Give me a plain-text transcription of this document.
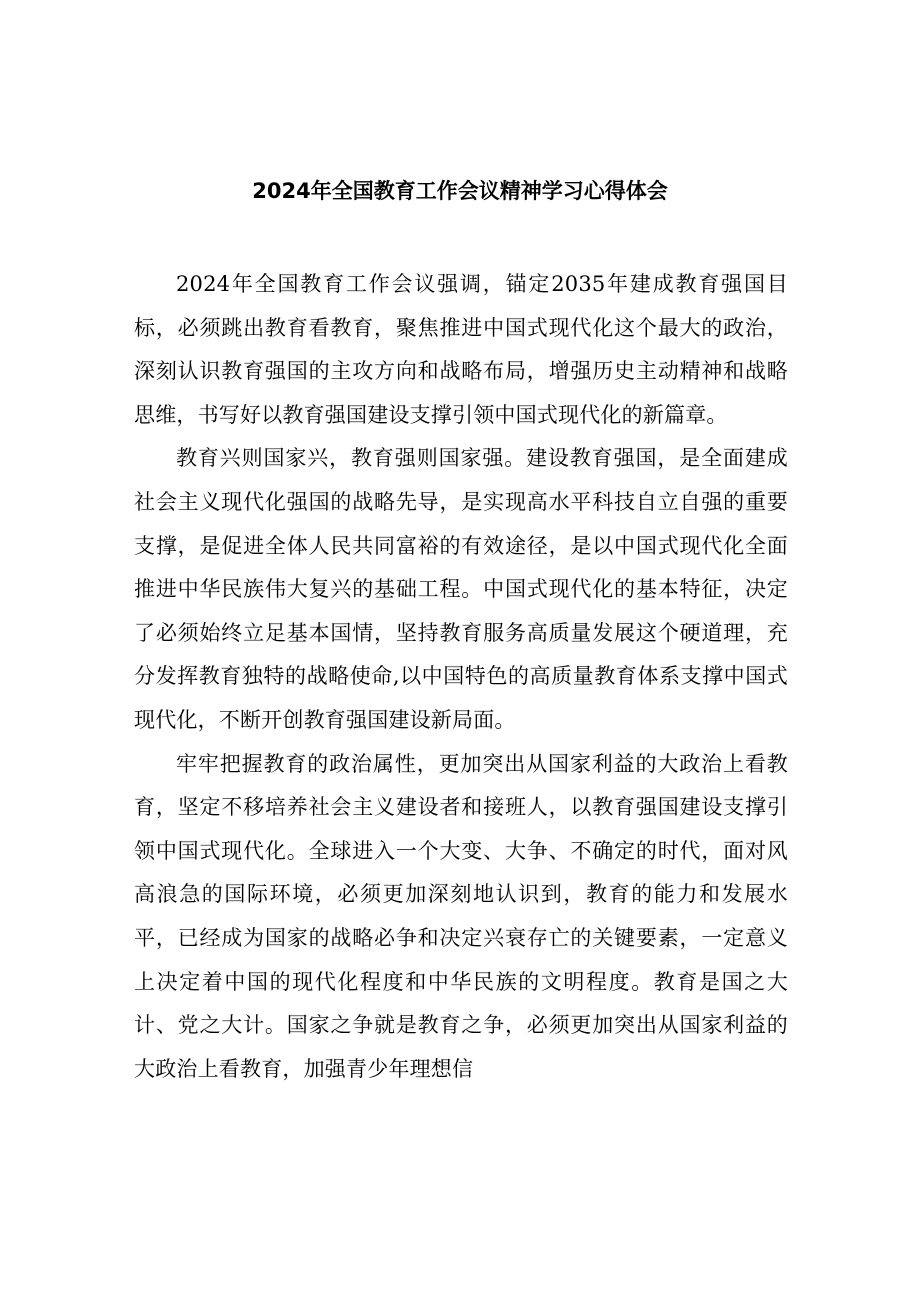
2024年全国教育工作会议精神学习心得体会

2024年全国教育工作会议强调，锚定2035年建成教育强国目标，必须跳出教育看教育，聚焦推进中国式现代化这个最大的政治，深刻认识教育强国的主攻方向和战略布局，增强历史主动精神和战略思维，书写好以教育强国建设支撑引领中国式现代化的新篇章。

教育兴则国家兴，教育强则国家强。建设教育强国，是全面建成社会主义现代化强国的战略先导，是实现高水平科技自立自强的重要支撑，是促进全体人民共同富裕的有效途径，是以中国式现代化全面推进中华民族伟大复兴的基础工程。中国式现代化的基本特征，决定了必须始终立足基本国情，坚持教育服务高质量发展这个硬道理，充分发挥教育独特的战略使命,以中国特色的高质量教育体系支撑中国式现代化，不断开创教育强国建设新局面。

牢牢把握教育的政治属性，更加突出从国家利益的大政治上看教育，坚定不移培养社会主义建设者和接班人，以教育强国建设支撑引领中国式现代化。全球进入一个大变、大争、不确定的时代，面对风高浪急的国际环境，必须更加深刻地认识到，教育的能力和发展水平，已经成为国家的战略必争和决定兴衰存亡的关键要素，一定意义上决定着中国的现代化程度和中华民族的文明程度。教育是国之大计、党之大计。国家之争就是教育之争，必须更加突出从国家利益的大政治上看教育，加强青少年理想信
